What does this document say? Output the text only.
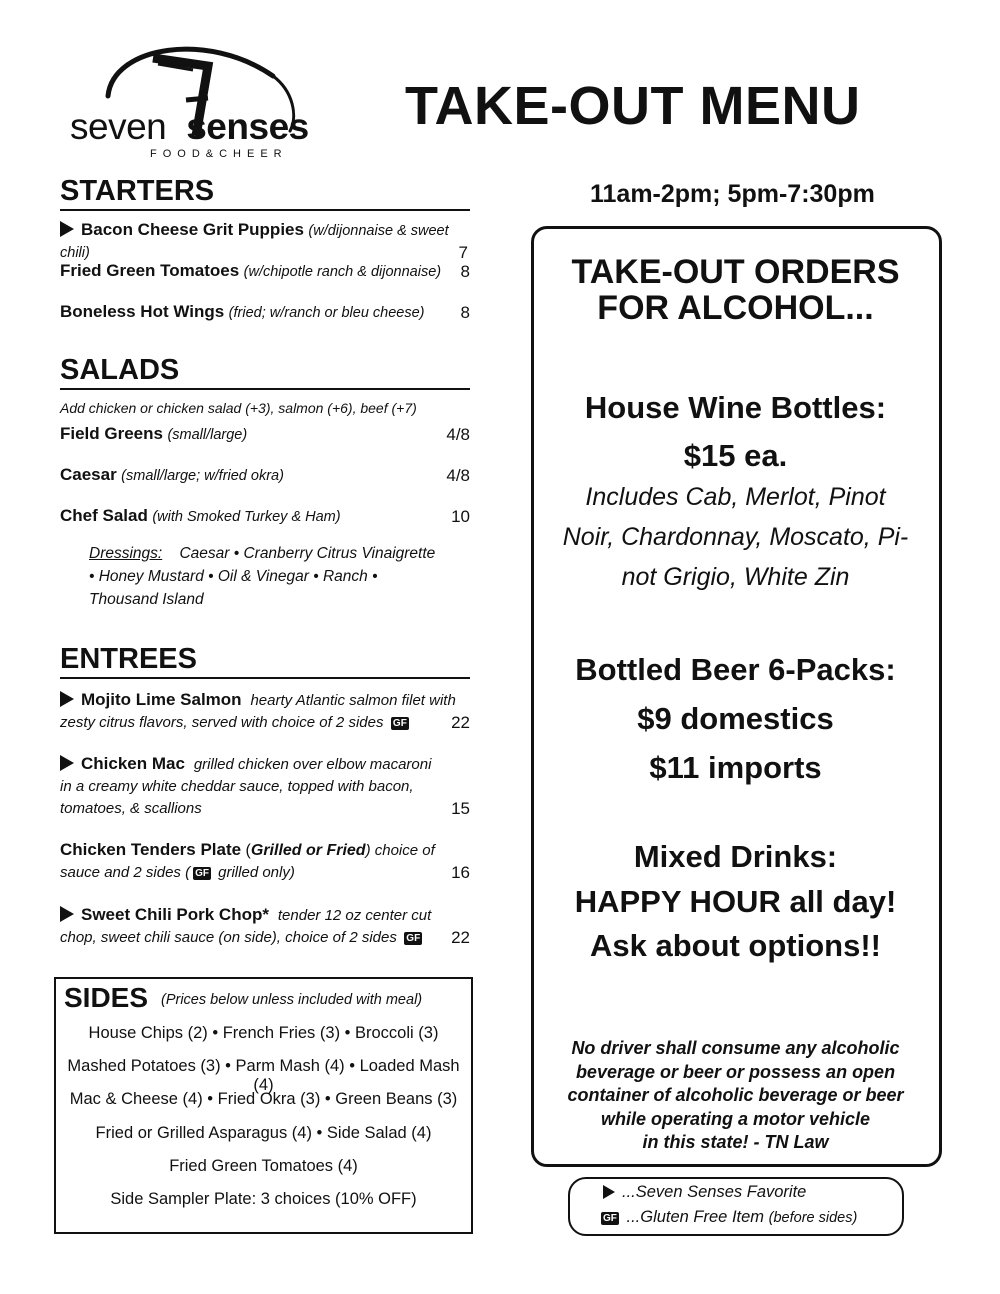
seven senses
FOOD&CHEER
TAKE-OUT MENU
11am-2pm; 5pm-7:30pm
STARTERS
Bacon Cheese Grit Puppies (w/dijonnaise & sweet chili)	7
Fried Green Tomatoes (w/chipotle ranch & dijonnaise) 8
Boneless Hot Wings (fried; w/ranch or bleu cheese) 8
SALADS
Add chicken or chicken salad (+3), salmon (+6), beef (+7)
Field Greens (small/large)	4/8
Caesar (small/large; w/fried okra)	4/8
Chef Salad (with Smoked Turkey & Ham)	10
Dressings: Caesar • Cranberry Citrus Vinaigrette
• Honey Mustard • Oil & Vinegar • Ranch •
Thousand Island
ENTREES
Mojito Lime Salmon hearty Atlantic salmon filet with
zesty citrus flavors, served with choice of 2 sides GF	22
Chicken Mac grilled chicken over elbow macaroni
in a creamy white cheddar sauce, topped with bacon,
tomatoes, & scallions	15
Chicken Tenders Plate (Grilled or Fried) choice of
sauce and 2 sides ( GF grilled only)	16
Sweet Chili Pork Chop* tender 12 oz center cut
chop, sweet chili sauce (on side), choice of 2 sides GF	22
SIDES (Prices below unless included with meal)
House Chips (2) • French Fries (3) • Broccoli (3)
Mashed Potatoes (3) • Parm Mash (4) • Loaded Mash (4)
Mac & Cheese (4) • Fried Okra (3) • Green Beans (3)
Fried or Grilled Asparagus (4) • Side Salad (4)
Fried Green Tomatoes (4)
Side Sampler Plate: 3 choices (10% OFF)
TAKE-OUT ORDERS
FOR ALCOHOL...
House Wine Bottles:
$15 ea.
Includes Cab, Merlot, Pinot
Noir, Chardonnay, Moscato, Pi-
not Grigio, White Zin
Bottled Beer 6-Packs:
$9 domestics
$11 imports
Mixed Drinks:
HAPPY HOUR all day!
Ask about options!!
No driver shall consume any alcoholic
beverage or beer or possess an open
container of alcoholic beverage or beer
while operating a motor vehicle
in this state! - TN Law
...Seven Senses Favorite
GF ...Gluten Free Item (before sides)
